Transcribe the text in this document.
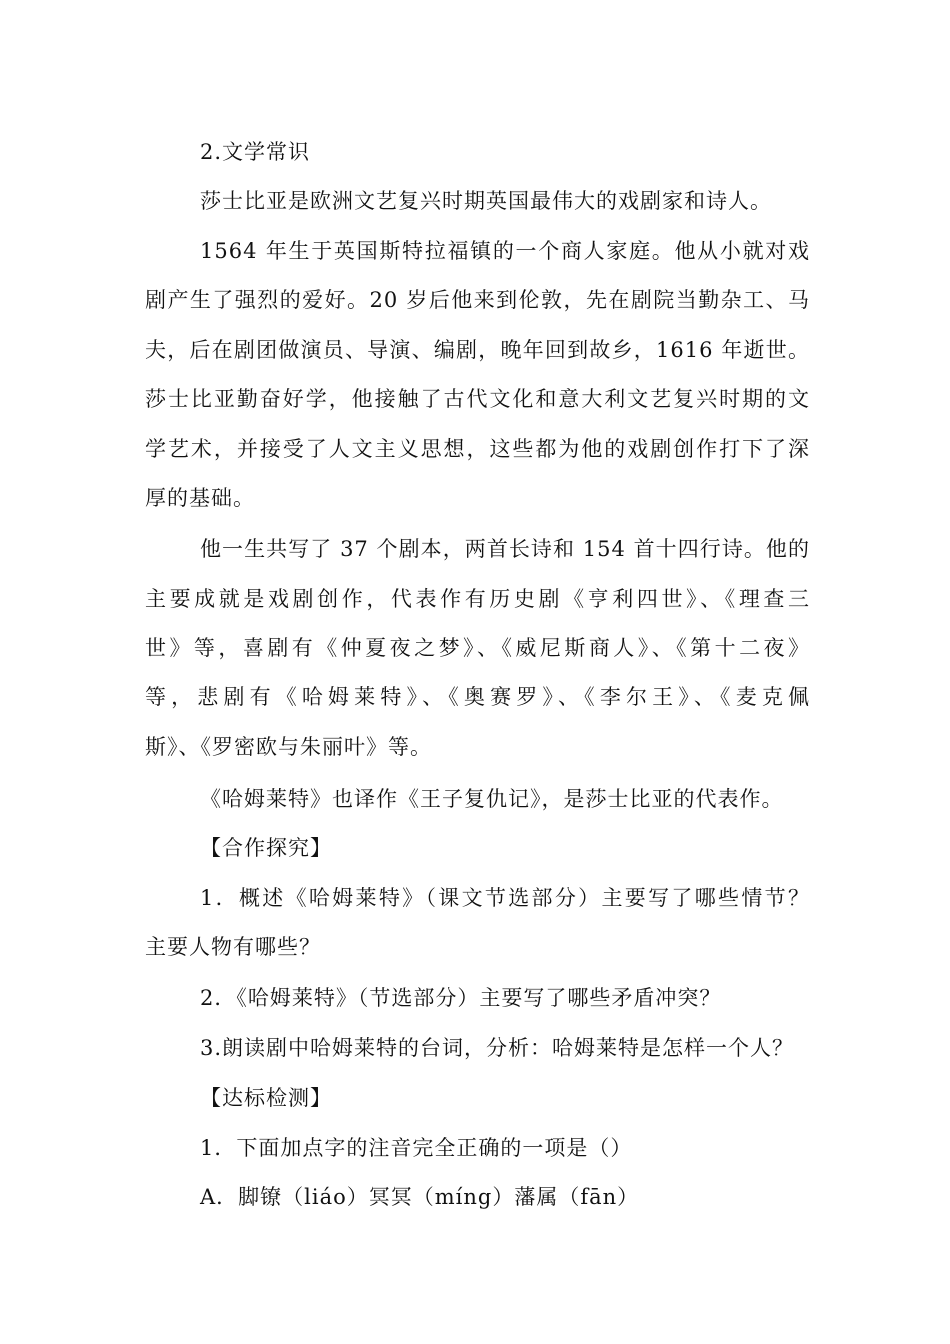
2.文学常识
莎士比亚是欧洲文艺复兴时期英国最伟大的戏剧家和诗人。
1564 年生于英国斯特拉福镇的一个商人家庭。他从小就对戏
剧产生了强烈的爱好。20 岁后他来到伦敦，先在剧院当勤杂工、马
夫，后在剧团做演员、导演、编剧，晚年回到故乡，1616 年逝世。
莎士比亚勤奋好学，他接触了古代文化和意大利文艺复兴时期的文
学艺术，并接受了人文主义思想，这些都为他的戏剧创作打下了深
厚的基础。
他一生共写了 37 个剧本，两首长诗和 154 首十四行诗。他的
主要成就是戏剧创作，代表作有历史剧《亨利四世》、《理查三
世》等，喜剧有《仲夏夜之梦》、《威尼斯商人》、《第十二夜》
等，悲剧有《哈姆莱特》、《奥赛罗》、《李尔王》、《麦克佩
斯》、《罗密欧与朱丽叶》等。
《哈姆莱特》也译作《王子复仇记》，是莎士比亚的代表作。
【合作探究】
1．概述《哈姆莱特》（课文节选部分）主要写了哪些情节？
主要人物有哪些？
2．《哈姆莱特》（节选部分）主要写了哪些矛盾冲突？
3.朗读剧中哈姆莱特的台词，分析：哈姆莱特是怎样一个人？
【达标检测】
1．下面加点字的注音完全正确的一项是（）
A．脚镣（liáo）冥冥（míng）藩属（fān）
